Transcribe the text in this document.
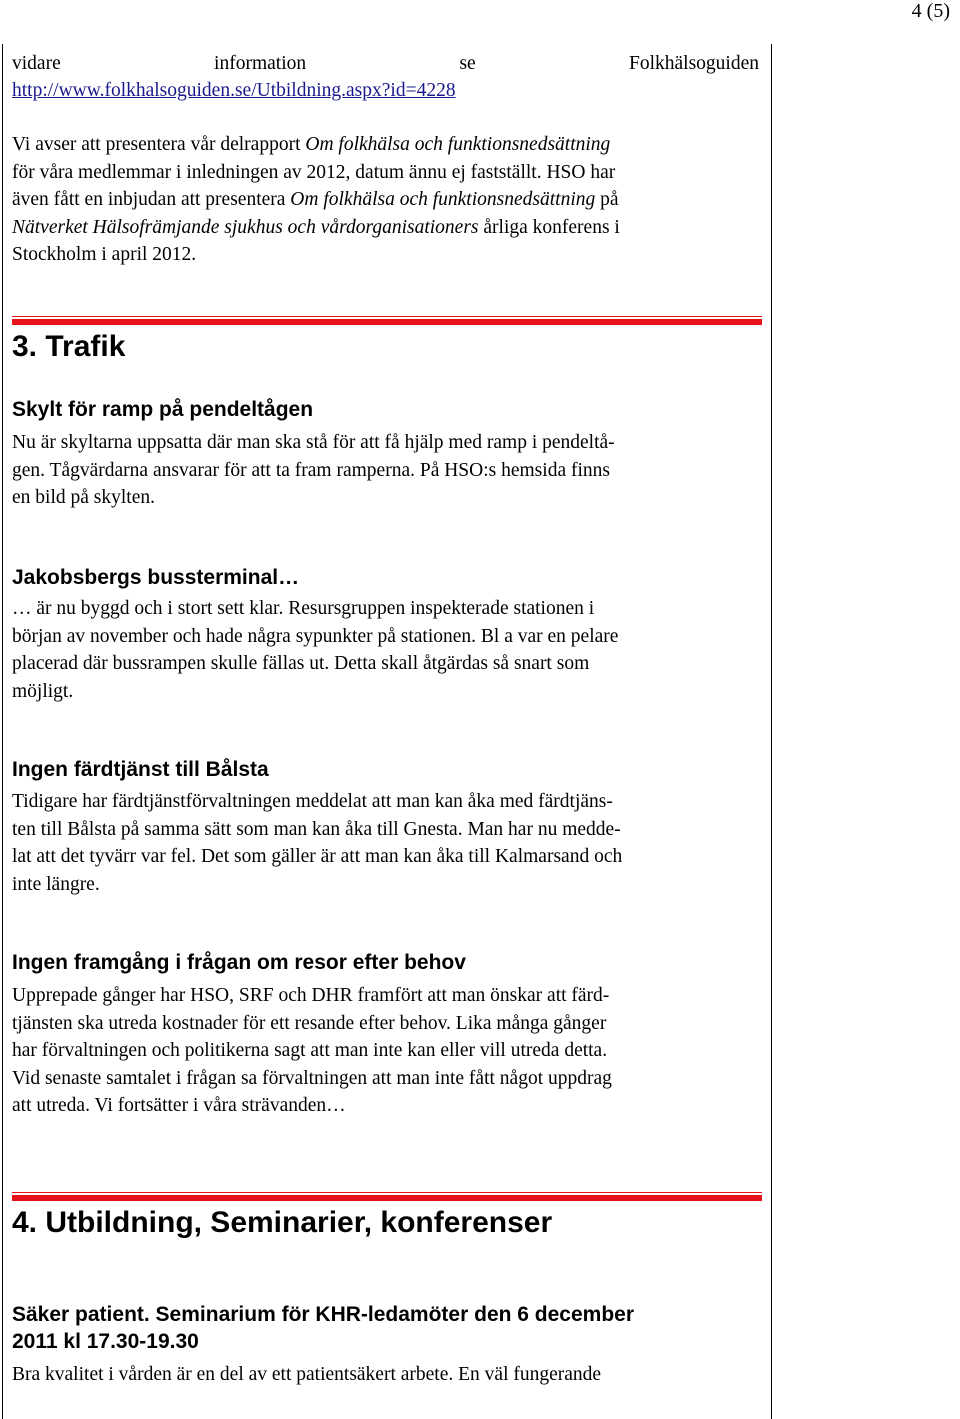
4 (5)
vidare	information	se	Folkhälsoguiden
http://www.folkhalsoguiden.se/Utbildning.aspx?id=4228
Vi avser att presentera vår delrapport Om folkhälsa och funktionsnedsättning
för våra medlemmar i inledningen av 2012, datum ännu ej fastställt. HSO har
även fått en inbjudan att presentera Om folkhälsa och funktionsnedsättning på
Nätverket Hälsofrämjande sjukhus och vårdorganisationers årliga konferens i
Stockholm i april 2012.
3. Trafik
Skylt för ramp på pendeltågen
Nu är skyltarna uppsatta där man ska stå för att få hjälp med ramp i pendeltå-
gen. Tågvärdarna ansvarar för att ta fram ramperna. På HSO:s hemsida finns
en bild på skylten.
Jakobsbergs bussterminal…
… är nu byggd och i stort sett klar. Resursgruppen inspekterade stationen i
början av november och hade några sypunkter på stationen. Bl a var en pelare
placerad där bussrampen skulle fällas ut. Detta skall åtgärdas så snart som
möjligt.
Ingen färdtjänst till Bålsta
Tidigare har färdtjänstförvaltningen meddelat att man kan åka med färdtjäns-
ten till Bålsta på samma sätt som man kan åka till Gnesta. Man har nu medde-
lat att det tyvärr var fel. Det som gäller är att man kan åka till Kalmarsand och
inte längre.
Ingen framgång i frågan om resor efter behov
Upprepade gånger har HSO, SRF och DHR framfört att man önskar att färd-
tjänsten ska utreda kostnader för ett resande efter behov. Lika många gånger
har förvaltningen och politikerna sagt att man inte kan eller vill utreda detta.
Vid senaste samtalet i frågan sa förvaltningen att man inte fått något uppdrag
att utreda. Vi fortsätter i våra strävanden…
4. Utbildning, Seminarier, konferenser
Säker patient. Seminarium för KHR-ledamöter den 6 december
2011 kl 17.30-19.30
Bra kvalitet i vården är en del av ett patientsäkert arbete. En väl fungerande
